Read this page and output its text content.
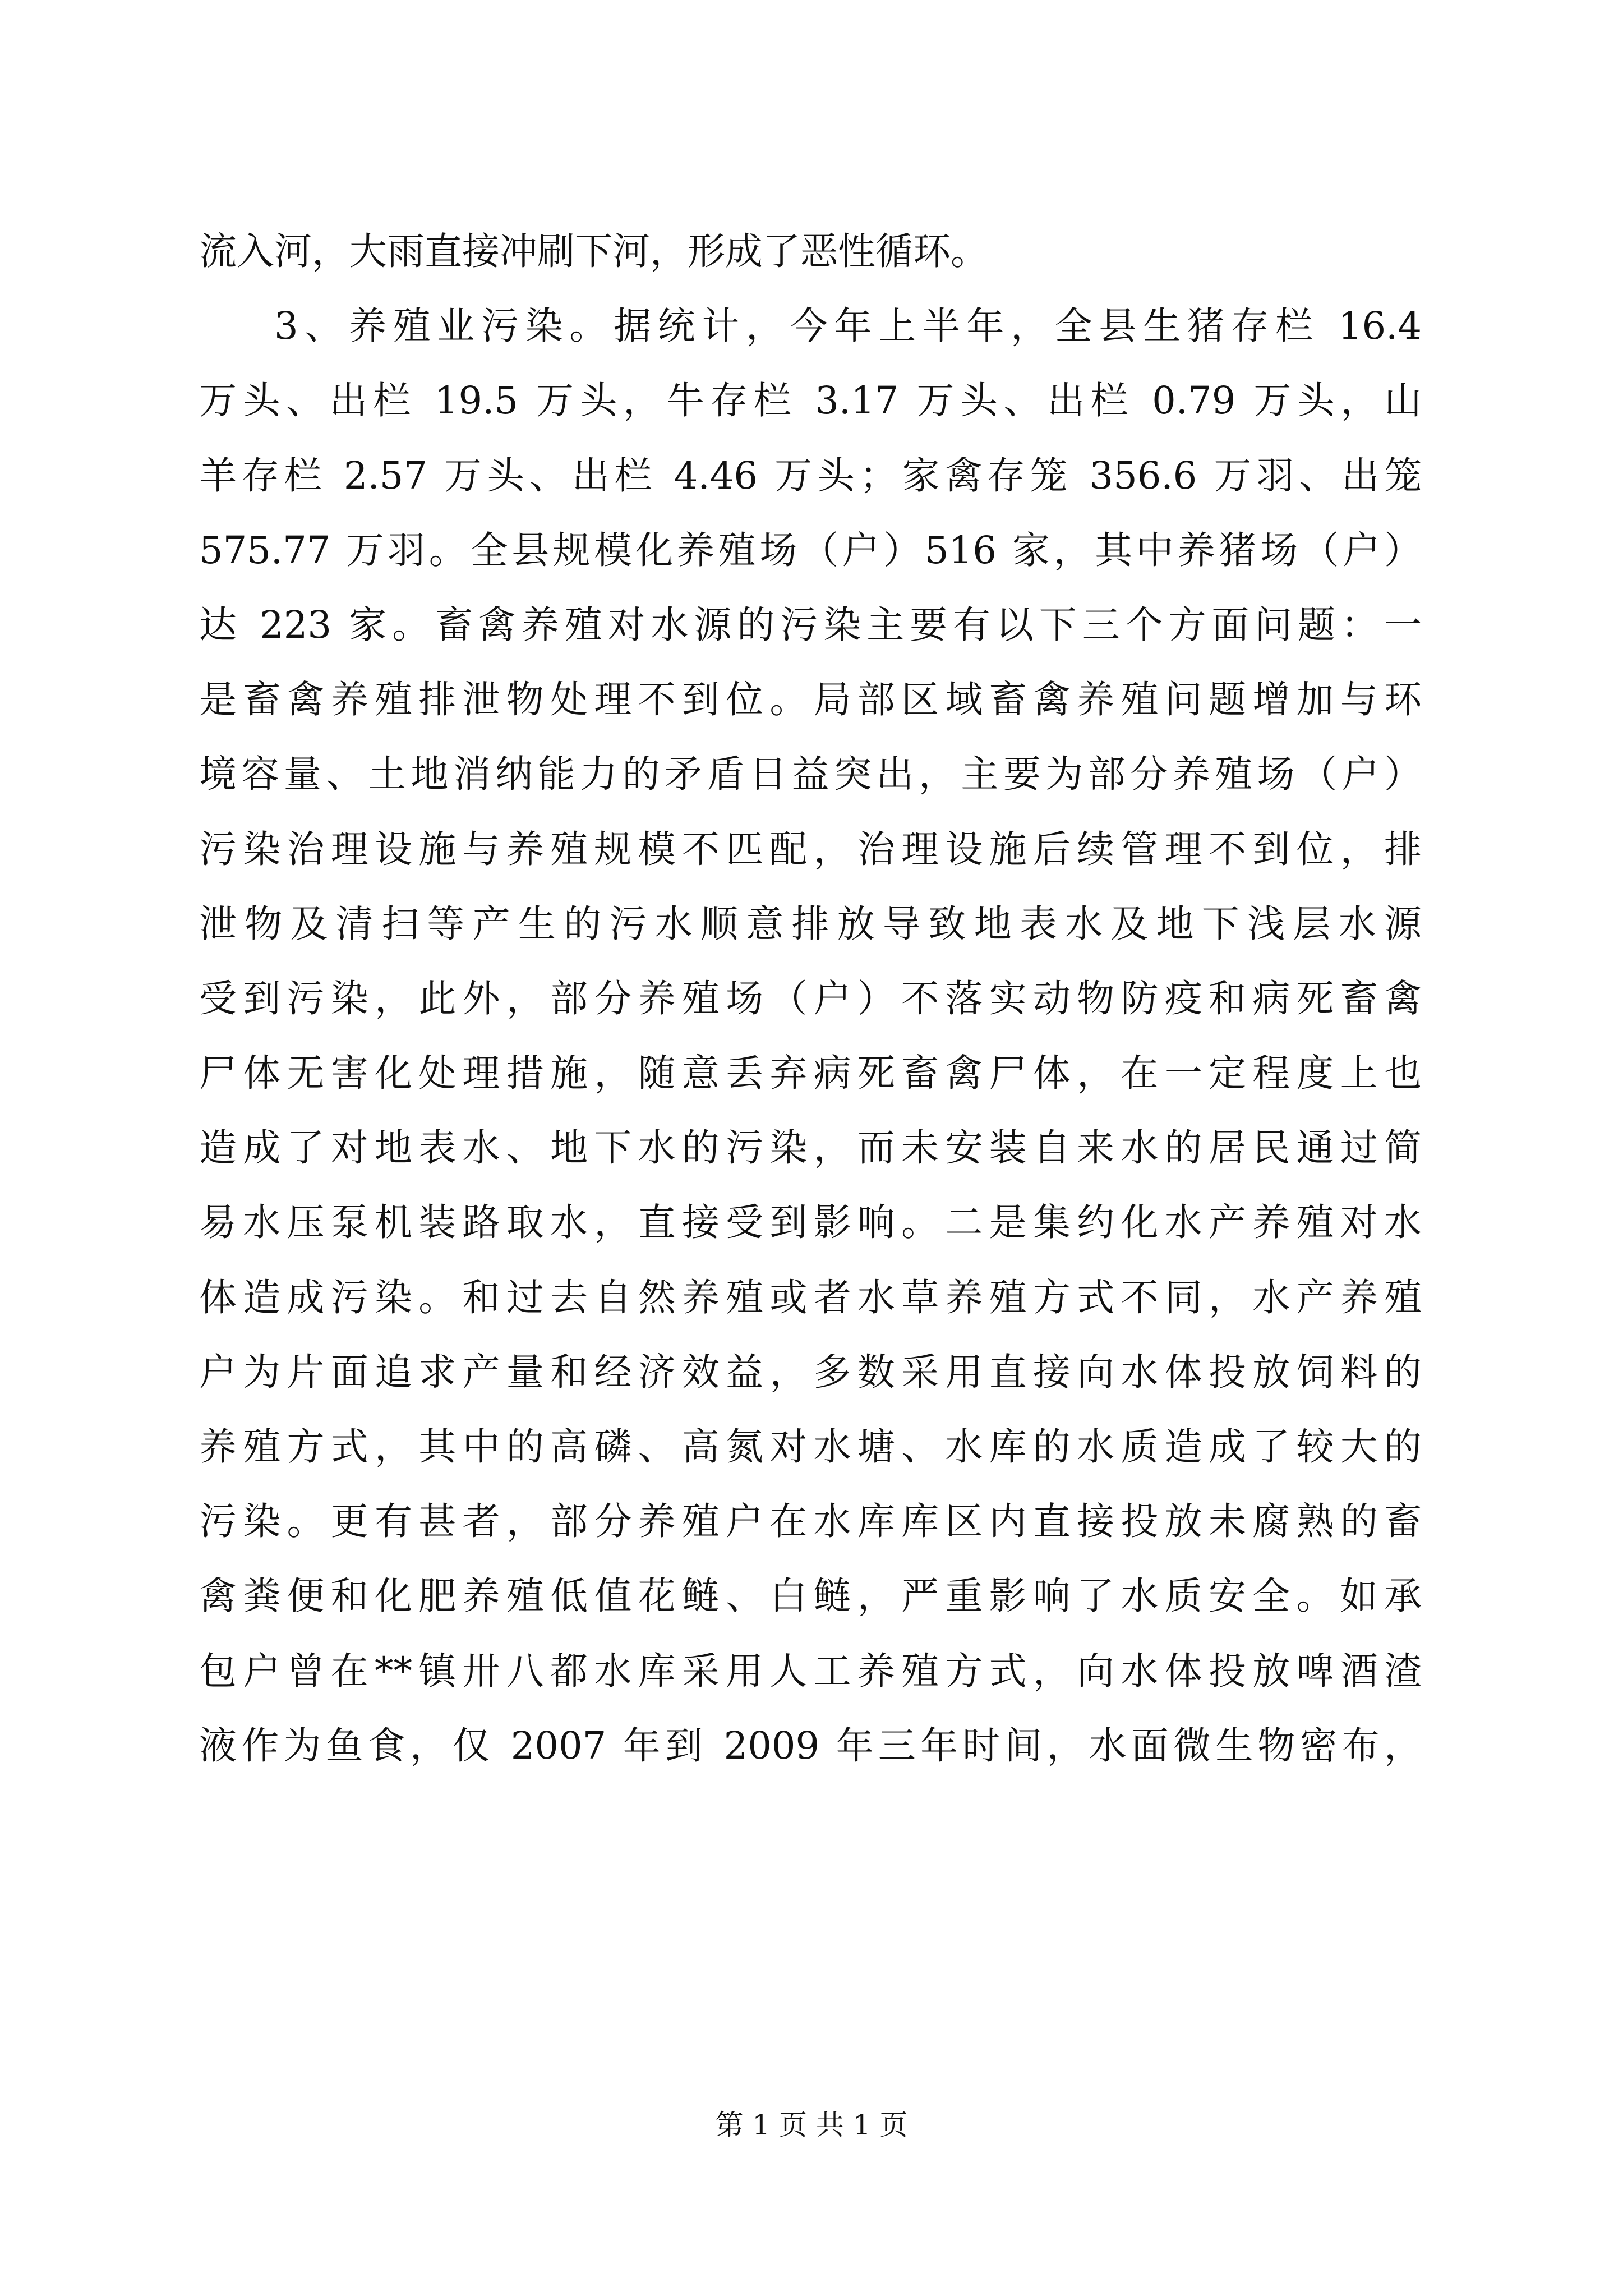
流入河，大雨直接冲刷下河，形成了恶性循环。
3、养殖业污染。据统计，今年上半年，全县生猪存栏 16.4
万头、出栏 19.5 万头，牛存栏 3.17 万头、出栏 0.79 万头，山
羊存栏 2.57 万头、出栏 4.46 万头；家禽存笼 356.6 万羽、出笼
575.77 万羽。全县规模化养殖场（户）516 家，其中养猪场（户）
达 223 家。畜禽养殖对水源的污染主要有以下三个方面问题：一
是畜禽养殖排泄物处理不到位。局部区域畜禽养殖问题增加与环
境容量、土地消纳能力的矛盾日益突出，主要为部分养殖场（户）
污染治理设施与养殖规模不匹配，治理设施后续管理不到位，排
泄物及清扫等产生的污水顺意排放导致地表水及地下浅层水源
受到污染，此外，部分养殖场（户）不落实动物防疫和病死畜禽
尸体无害化处理措施，随意丢弃病死畜禽尸体，在一定程度上也
造成了对地表水、地下水的污染，而未安装自来水的居民通过简
易水压泵机装路取水，直接受到影响。二是集约化水产养殖对水
体造成污染。和过去自然养殖或者水草养殖方式不同，水产养殖
户为片面追求产量和经济效益，多数采用直接向水体投放饲料的
养殖方式，其中的高磷、高氮对水塘、水库的水质造成了较大的
污染。更有甚者，部分养殖户在水库库区内直接投放未腐熟的畜
禽粪便和化肥养殖低值花鲢、白鲢，严重影响了水质安全。如承
包户曾在**镇卅八都水库采用人工养殖方式，向水体投放啤酒渣
液作为鱼食，仅 2007 年到 2009 年三年时间，水面微生物密布，
第 1 页 共 1 页
